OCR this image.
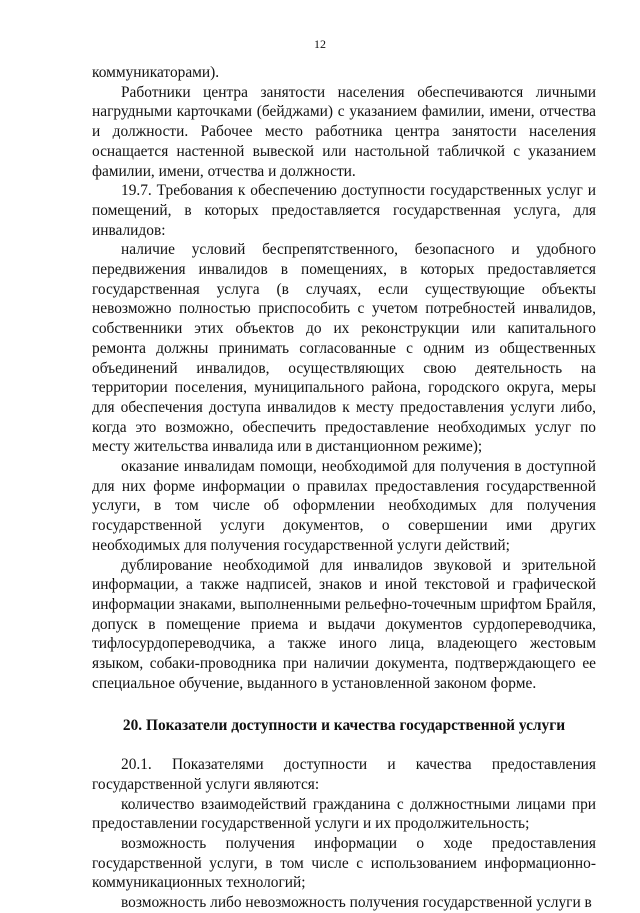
12

коммуникаторами).

Работники центра занятости населения обеспечиваются личными нагрудными карточками (бейджами) с указанием фамилии, имени, отчества и должности. Рабочее место работника центра занятости населения оснащается настенной вывеской или настольной табличкой с указанием фамилии, имени, отчества и должности.

19.7. Требования к обеспечению доступности государственных услуг и помещений, в которых предоставляется государственная услуга, для инвалидов:

наличие условий беспрепятственного, безопасного и удобного передвижения инвалидов в помещениях, в которых предоставляется государственная услуга (в случаях, если существующие объекты невозможно полностью приспособить с учетом потребностей инвалидов, собственники этих объектов до их реконструкции или капитального ремонта должны принимать согласованные с одним из общественных объединений инвалидов, осуществляющих свою деятельность на территории поселения, муниципального района, городского округа, меры для обеспечения доступа инвалидов к месту предоставления услуги либо, когда это возможно, обеспечить предоставление необходимых услуг по месту жительства инвалида или в дистанционном режиме);

оказание инвалидам помощи, необходимой для получения в доступной для них форме информации о правилах предоставления государственной услуги, в том числе об оформлении необходимых для получения государственной услуги документов, о совершении ими других необходимых для получения государственной услуги действий;

дублирование необходимой для инвалидов звуковой и зрительной информации, а также надписей, знаков и иной текстовой и графической информации знаками, выполненными рельефно-точечным шрифтом Брайля, допуск в помещение приема и выдачи документов сурдопереводчика, тифлосурдопереводчика, а также иного лица, владеющего жестовым языком, собаки-проводника при наличии документа, подтверждающего ее специальное обучение, выданного в установленной законом форме.

20. Показатели доступности и качества государственной услуги

20.1. Показателями доступности и качества предоставления государственной услуги являются:

количество взаимодействий гражданина с должностными лицами при предоставлении государственной услуги и их продолжительность;

возможность получения информации о ходе предоставления государственной услуги, в том числе с использованием информационно-коммуникационных технологий;

возможность либо невозможность получения государственной услуги в
